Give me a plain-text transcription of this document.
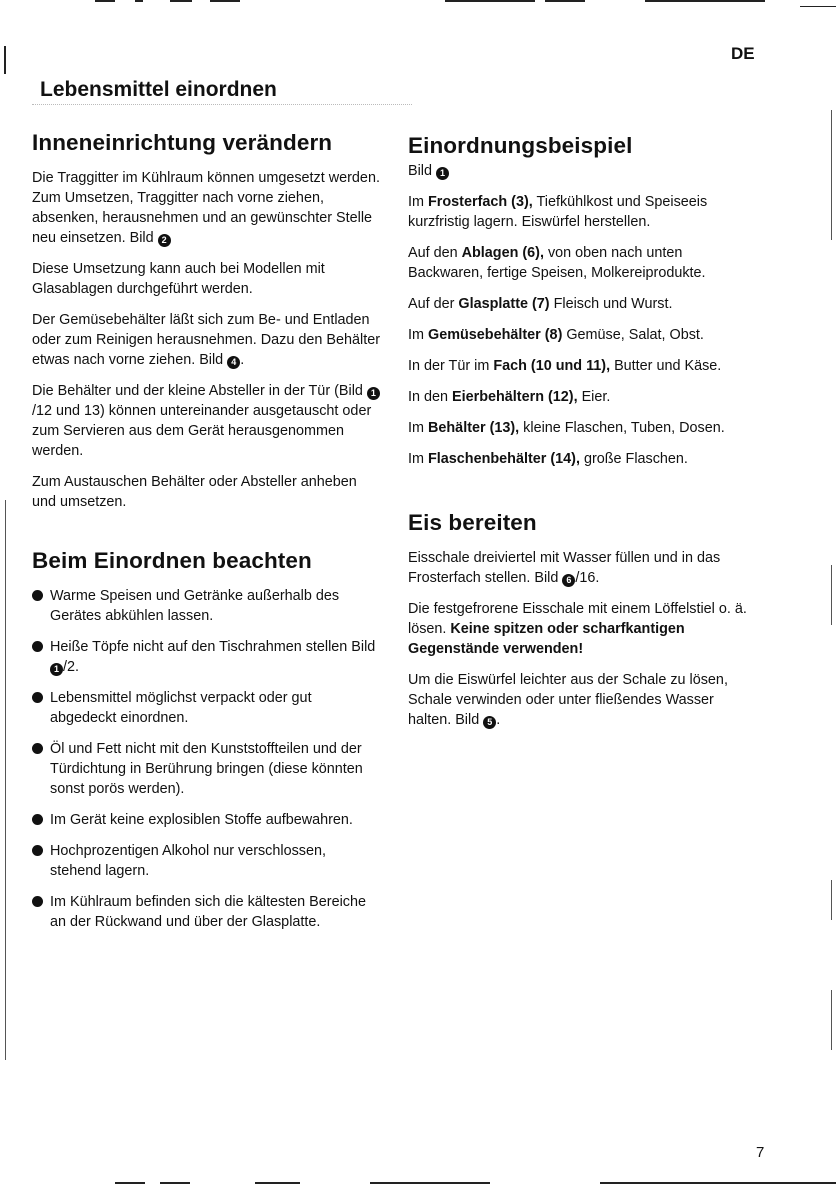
DE
Lebensmittel einordnen
Inneneinrichtung verändern

Die Traggitter im Kühlraum können umgesetzt werden. Zum Umsetzen, Traggitter nach vorne ziehen, absenken, herausnehmen und an gewünschter Stelle neu einsetzen. Bild 2

Diese Umsetzung kann auch bei Modellen mit Glasablagen durchgeführt werden.

Der Gemüsebehälter läßt sich zum Be- und Entladen oder zum Reinigen herausnehmen. Dazu den Behälter etwas nach vorne ziehen. Bild 4 .

Die Behälter und der kleine Absteller in der Tür (Bild 1/12 und 13) können untereinander ausgetauscht oder zum Servieren aus dem Gerät herausgenommen werden.

Zum Austauschen Behälter oder Absteller anheben und umsetzen.

Beim Einordnen beachten
Warme Speisen und Getränke außerhalb des Gerätes abkühlen lassen.
Heiße Töpfe nicht auf den Tischrahmen stellen Bild 1 /2.
Lebensmittel möglichst verpackt oder gut abgedeckt einordnen.
Öl und Fett nicht mit den Kunststoffteilen und der Türdichtung in Berührung bringen (diese könnten sonst porös werden).
Im Gerät keine explosiblen Stoffe aufbewahren.
Hochprozentigen Alkohol nur verschlossen, stehend lagern.
Im Kühlraum befinden sich die kältesten Bereiche an der Rückwand und über der Glasplatte.
Einordnungsbeispiel

Bild 1

Im Frosterfach (3), Tiefkühlkost und Speiseeis kurzfristig lagern. Eiswürfel herstellen.

Auf den Ablagen (6), von oben nach unten Backwaren, fertige Speisen, Molkereiprodukte.

Auf der Glasplatte (7) Fleisch und Wurst.

Im Gemüsebehälter (8) Gemüse, Salat, Obst.

In der Tür im Fach (10 und 11), Butter und Käse.

In den Eierbehältern (12), Eier.

Im Behälter (13), kleine Flaschen, Tuben, Dosen.

Im Flaschenbehälter (14), große Flaschen.

Eis bereiten

Eisschale dreiviertel mit Wasser füllen und in das Frosterfach stellen. Bild 6 /16.

Die festgefrorene Eisschale mit einem Löffelstiel o. ä. lösen. Keine spitzen oder scharfkantigen Gegenstände verwenden!

Um die Eiswürfel leichter aus der Schale zu lösen, Schale verwinden oder unter fließendes Wasser halten. Bild 5 .

7
